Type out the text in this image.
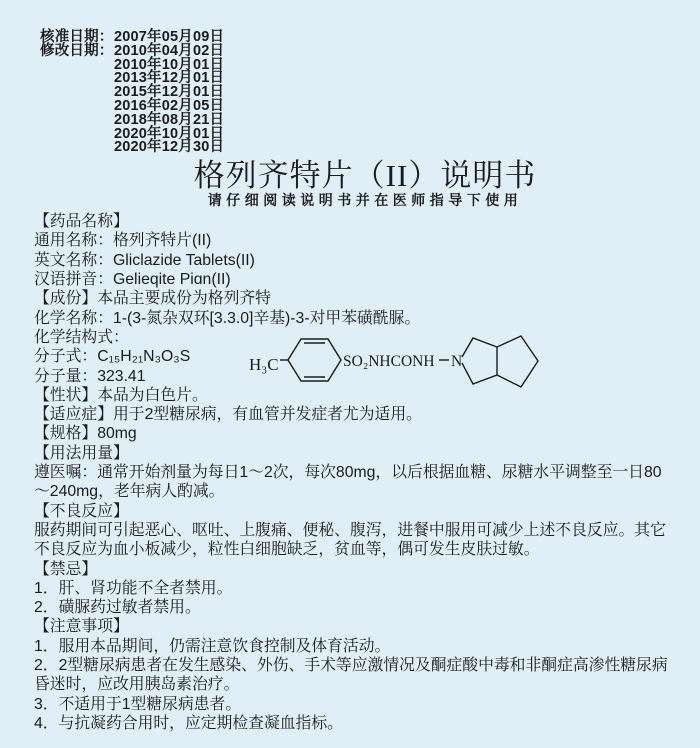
核准日期：2007年05月09日
修改日期：2010年04月02日
2010年10月01日
2013年12月01日
2015年12月01日
2016年02月05日
2018年08月21日
2020年10月01日
2020年12月30日
格列齐特片（II）说明书
请仔细阅读说明书并在医师指导下使用

【药品名称】

通用名称：格列齐特片(II)

英文名称：Gliclazide Tablets(II)

汉语拼音：Gelieqite Piɑn(II)

【成份】本品主要成份为格列齐特

化学名称：1-(3-氮杂双环[3.3.0]辛基)-3-对甲苯磺酰脲。

化学结构式：

分子式：C₁₅H₂₁N₃O₃S

分子量：323.41

【性状】本品为白色片。

【适应症】用于2型糖尿病，有血管并发症者尤为适用。

【规格】80mg

【用法用量】

遵医嘱：通常开始剂量为每日1～2次，每次80mg，以后根据血糖、尿糖水平调整至一日80～240mg，老年病人酌减。

【不良反应】

服药期间可引起恶心、呕吐、上腹痛、便秘、腹泻，进餐中服用可减少上述不良反应。其它不良反应为血小板减少，粒性白细胞缺乏，贫血等，偶可发生皮肤过敏。

【禁忌】

1．肝、肾功能不全者禁用。

2．磺脲药过敏者禁用。

【注意事项】

1．服用本品期间，仍需注意饮食控制及体育活动。

2．2型糖尿病患者在发生感染、外伤、手术等应激情况及酮症酸中毒和非酮症高渗性糖尿病昏迷时，应改用胰岛素治疗。

3．不适用于1型糖尿病患者。

4．与抗凝药合用时，应定期检查凝血指标。

H₃C	SO₂NHCONH N
